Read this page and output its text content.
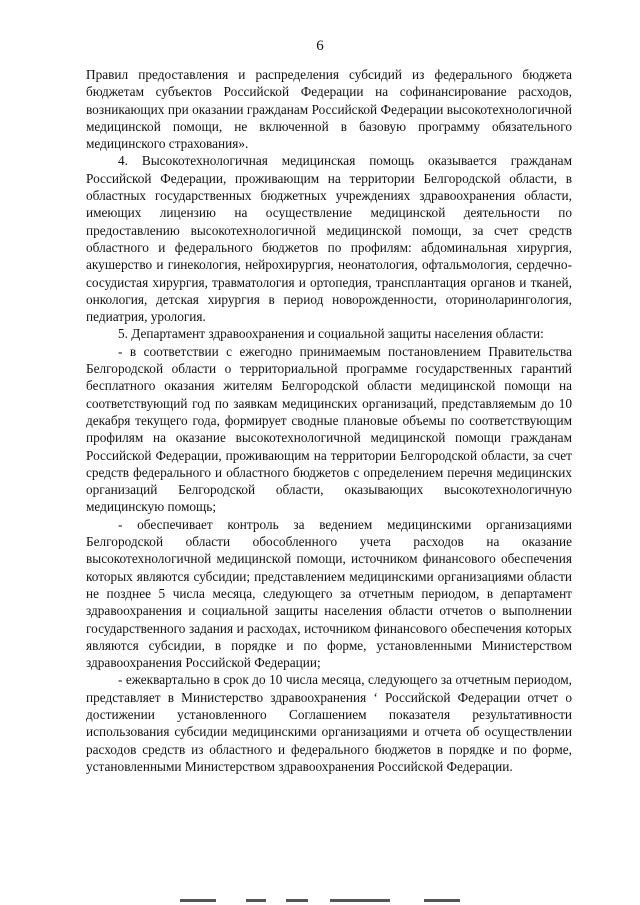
6

Правил предоставления и распределения субсидий из федерального бюджета бюджетам субъектов Российской Федерации на софинансирование расходов, возникающих при оказании гражданам Российской Федерации высокотехнологичной медицинской помощи, не включенной в базовую программу обязательного медицинского страхования».

4. Высокотехнологичная медицинская помощь оказывается гражданам Российской Федерации, проживающим на территории Белгородской области, в областных государственных бюджетных учреждениях здравоохранения области, имеющих лицензию на осуществление медицинской деятельности по предоставлению высокотехнологичной медицинской помощи, за счет средств областного и федерального бюджетов по профилям: абдоминальная хирургия, акушерство и гинекология, нейрохирургия, неонатология, офтальмология, сердечно-сосудистая хирургия, травматология и ортопедия, трансплантация органов и тканей, онкология, детская хирургия в период новорожденности, оториноларингология, педиатрия, урология.

5. Департамент здравоохранения и социальной защиты населения области:

- в соответствии с ежегодно принимаемым постановлением Правительства Белгородской области о территориальной программе государственных гарантий бесплатного оказания жителям Белгородской области медицинской помощи на соответствующий год по заявкам медицинских организаций, представляемым до 10 декабря текущего года, формирует сводные плановые объемы по соответствующим профилям на оказание высокотехнологичной медицинской помощи гражданам Российской Федерации, проживающим на территории Белгородской области, за счет средств федерального и областного бюджетов с определением перечня медицинских организаций Белгородской области, оказывающих высокотехнологичную медицинскую помощь;

- обеспечивает контроль за ведением медицинскими организациями Белгородской области обособленного учета расходов на оказание высокотехнологичной медицинской помощи, источником финансового обеспечения которых являются субсидии; представлением медицинскими организациями области не позднее 5 числа месяца, следующего за отчетным периодом, в департамент здравоохранения и социальной защиты населения области отчетов о выполнении государственного задания и расходах, источником финансового обеспечения которых являются субсидии, в порядке и по форме, установленными Министерством здравоохранения Российской Федерации;

- ежеквартально в срок до 10 числа месяца, следующего за отчетным периодом, представляет в Министерство здравоохранения ‘ Российской Федерации отчет о достижении установленного Соглашением показателя результативности использования субсидии медицинскими организациями и отчета об осуществлении расходов средств из областного и федерального бюджетов в порядке и по форме, установленными Министерством здравоохранения Российской Федерации.
